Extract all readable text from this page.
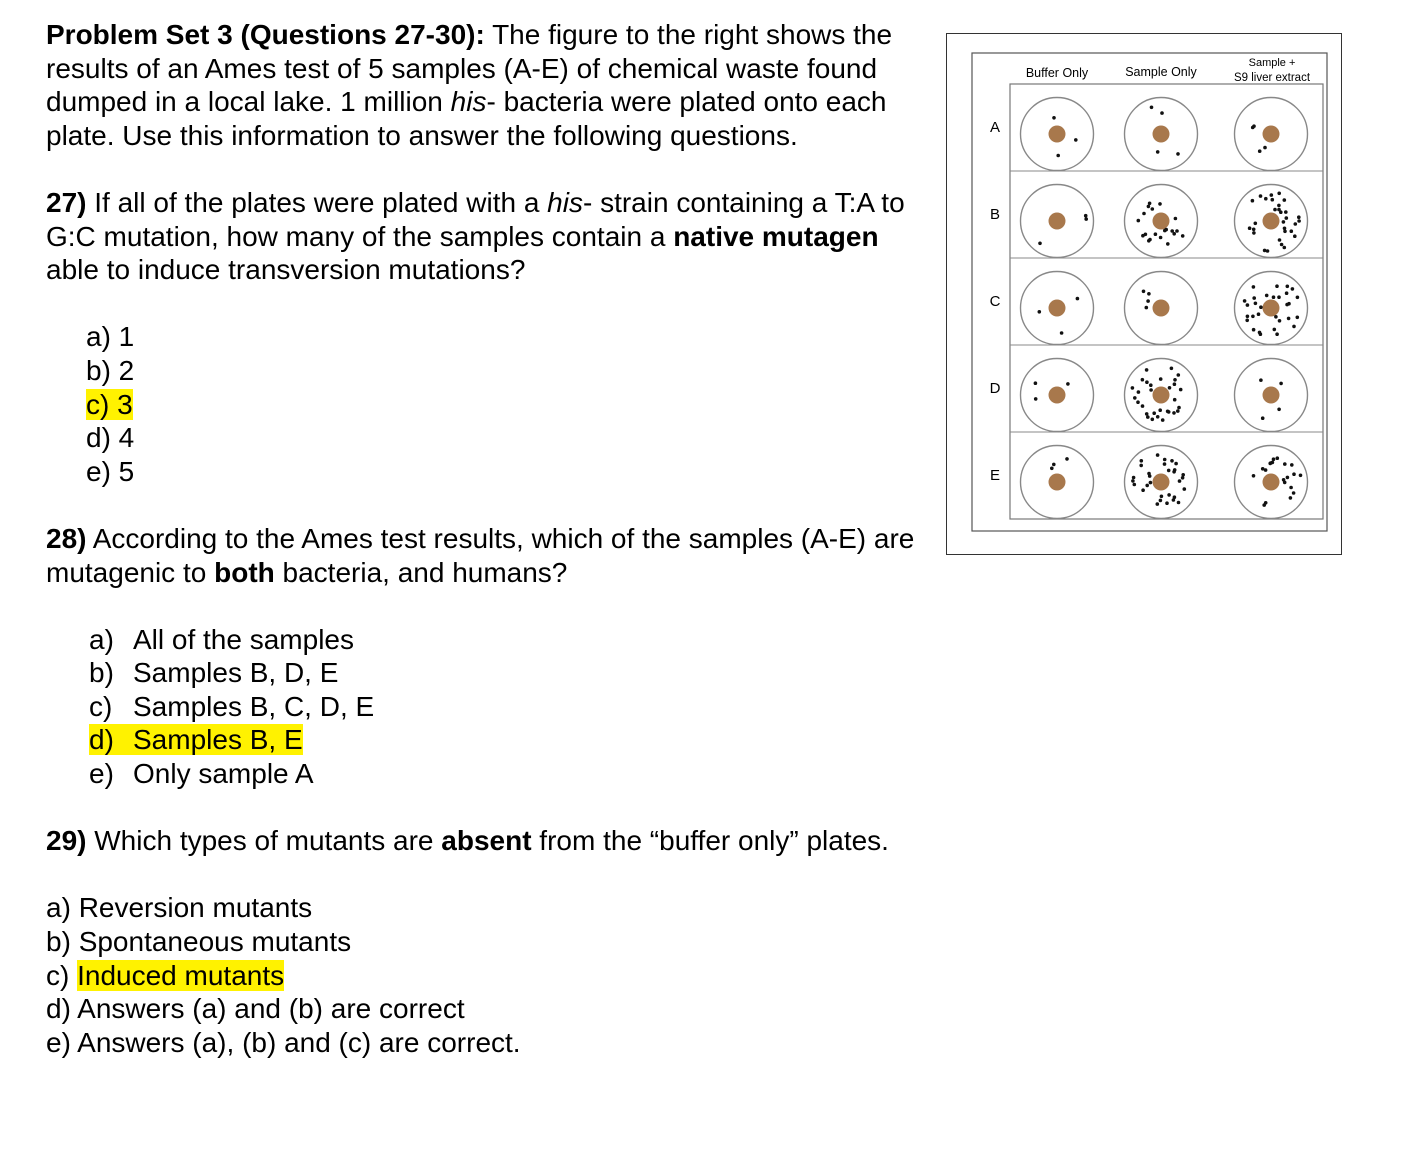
Problem Set 3 (Questions 27-30): The figure to the right shows the results of an Ames test of 5 samples (A-E) of chemical waste found dumped in a local lake. 1 million his- bacteria were plated onto each plate. Use this information to answer the following questions.

27) If all of the plates were plated with a his- strain containing a T:A to G:C mutation, how many of the samples contain a native mutagen able to induce transversion mutations?

a) 1
b) 2
c) 3
d) 4
e) 5

28) According to the Ames test results, which of the samples (A-E) are mutagenic to both bacteria, and humans?

a) All of the samples
b) Samples B, D, E
c) Samples B, C, D, E
d) Samples B, E
e) Only sample A

29) Which types of mutants are absent from the “buffer only” plates.

a) Reversion mutants
b) Spontaneous mutants
c) Induced mutants
d) Answers (a) and (b) are correct
e) Answers (a), (b) and (c) are correct.
Buffer Only	Sample Only
Sample +
S9 liver extract
A
B
C
D
E
